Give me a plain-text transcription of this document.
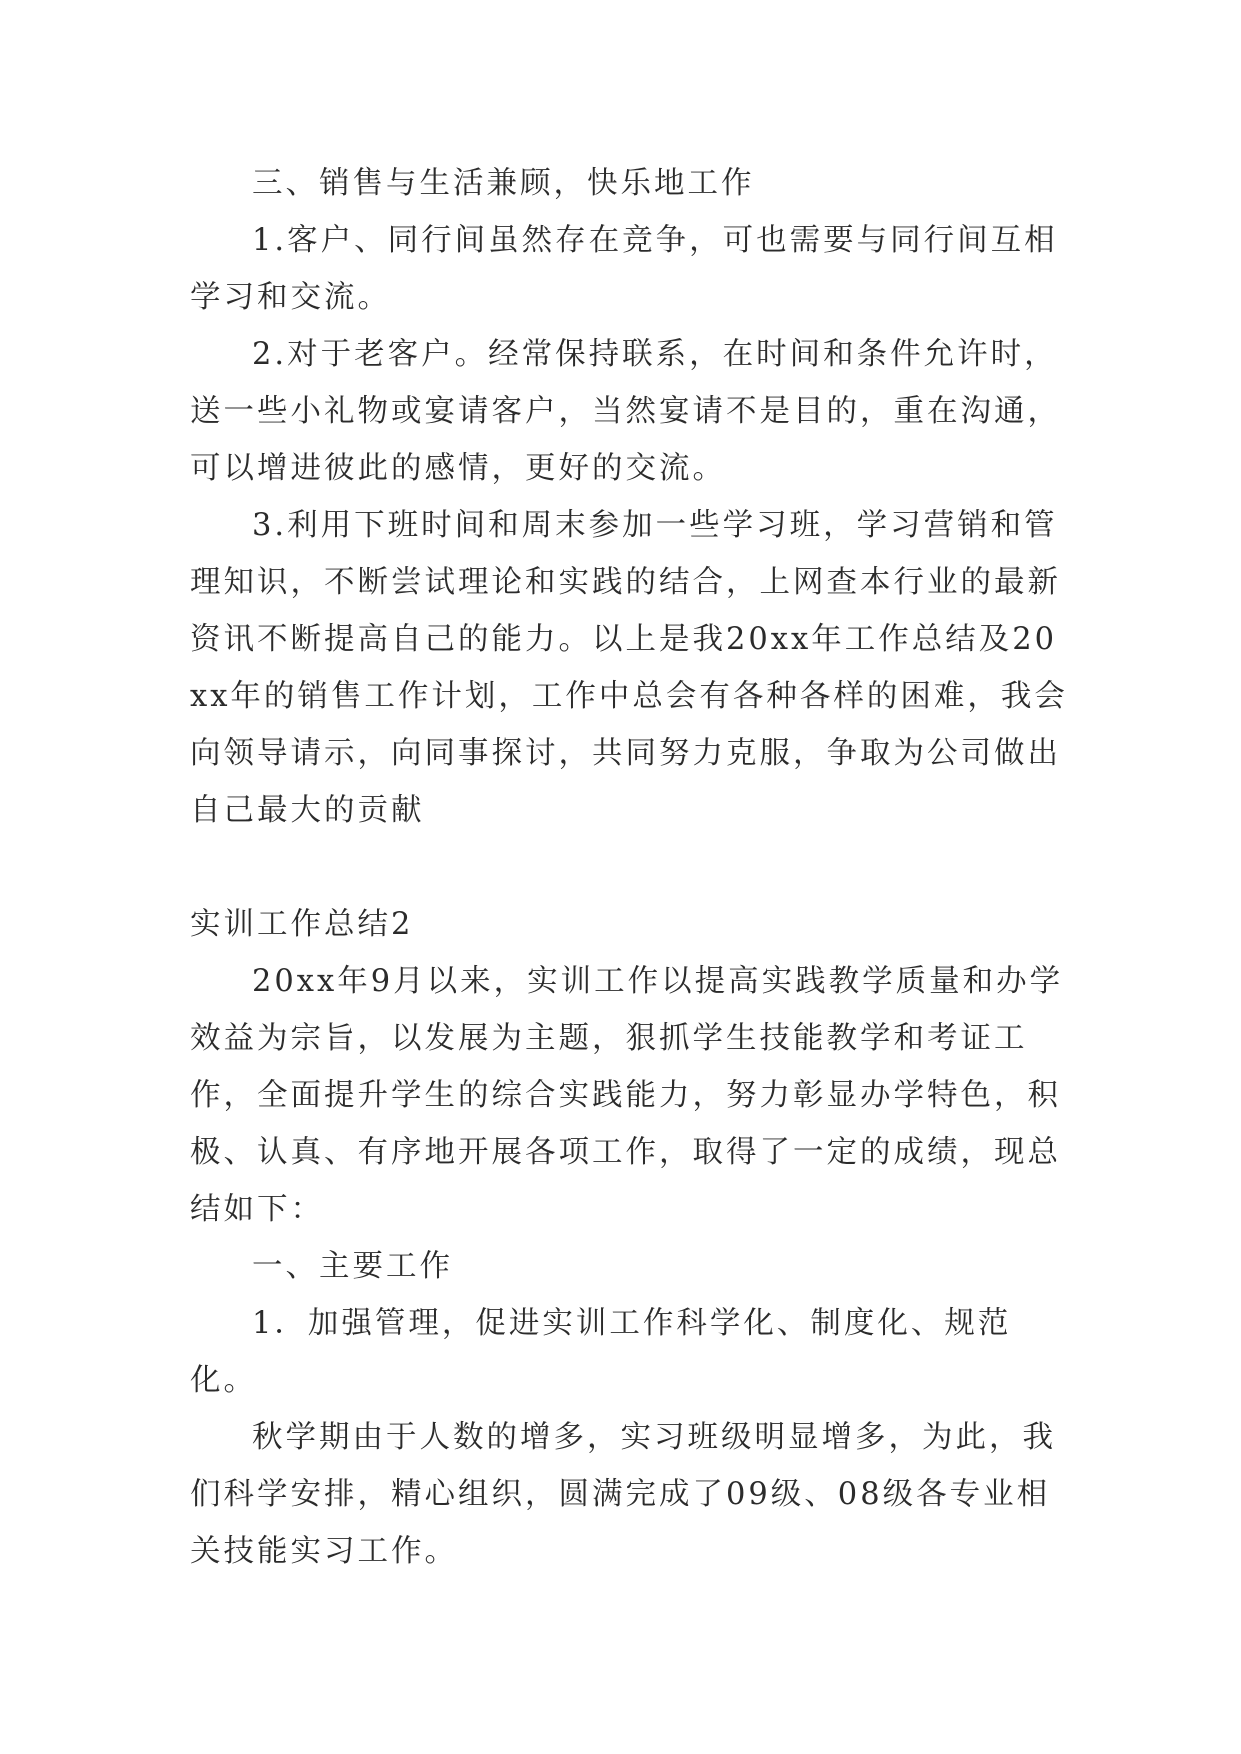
三、销售与生活兼顾，快乐地工作

1.客户、同行间虽然存在竞争，可也需要与同行间互相学习和交流。

2.对于老客户。经常保持联系，在时间和条件允许时，送一些小礼物或宴请客户，当然宴请不是目的，重在沟通，可以增进彼此的感情，更好的交流。

3.利用下班时间和周末参加一些学习班，学习营销和管理知识，不断尝试理论和实践的结合，上网查本行业的最新资讯不断提高自己的能力。以上是我20xx年工作总结及20xx年的销售工作计划，工作中总会有各种各样的困难，我会向领导请示，向同事探讨，共同努力克服，争取为公司做出自己最大的贡献

实训工作总结2

20xx年9月以来，实训工作以提高实践教学质量和办学效益为宗旨，以发展为主题，狠抓学生技能教学和考证工作，全面提升学生的综合实践能力，努力彰显办学特色，积极、认真、有序地开展各项工作，取得了一定的成绩，现总结如下：

一、主要工作

1．加强管理，促进实训工作科学化、制度化、规范化。

秋学期由于人数的增多，实习班级明显增多，为此，我们科学安排，精心组织，圆满完成了09级、08级各专业相关技能实习工作。
